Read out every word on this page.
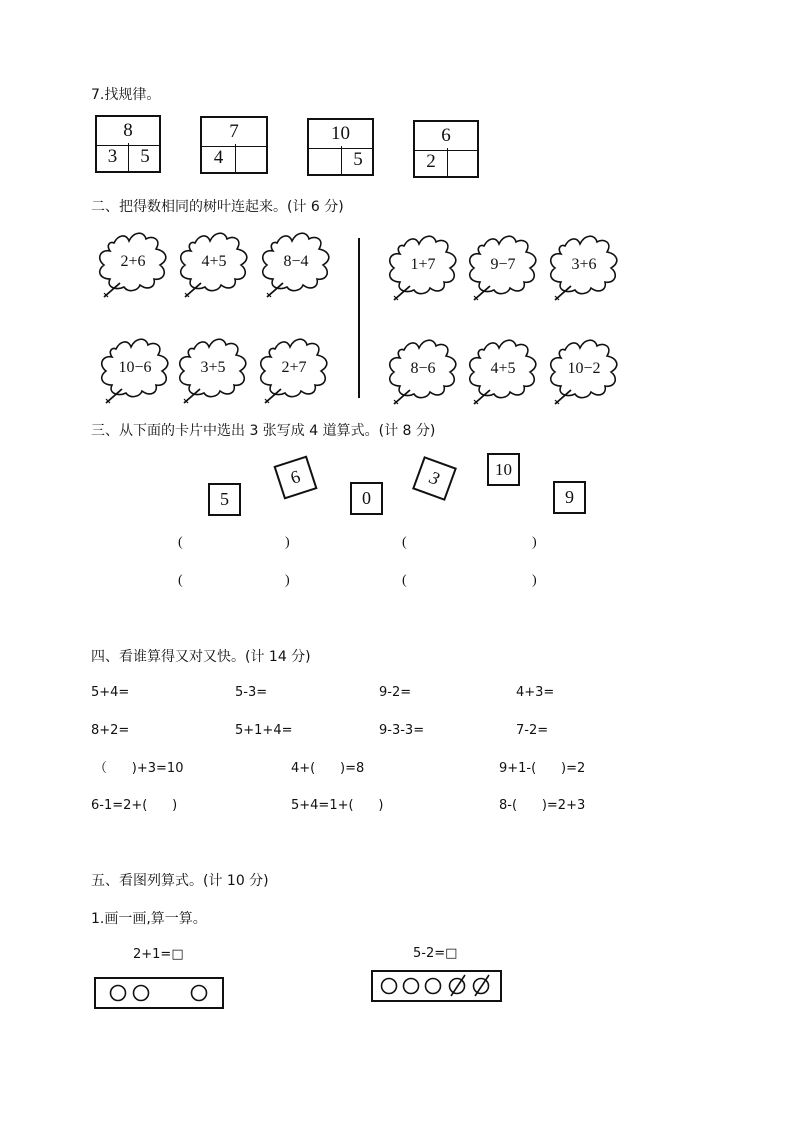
7.找规律。
8
3	5
7
4
10
5
6
2
二、把得数相同的树叶连起来。(计 6 分)
2+6	4+5	8−4	1+7	9−7	3+6
10−6	3+5	2+7	8−6	4+5	10−2
三、从下面的卡片中选出 3 张写成 4 道算式。(计 8 分)
5
6
0
3	10
9
(	)	(	)
(	)	(	)
四、看谁算得又对又快。(计 14 分)
5+4=	5-3=	9-2=	4+3=
8+2=	5+1+4=	9-3-3=	7-2=
（      )+3=10	4+(      )=8	9+1-(      )=2
6-1=2+(      )	5+4=1+(      )	8-(      )=2+3
五、看图列算式。(计 10 分)
1.画一画,算一算。
2+1=□	5-2=□
